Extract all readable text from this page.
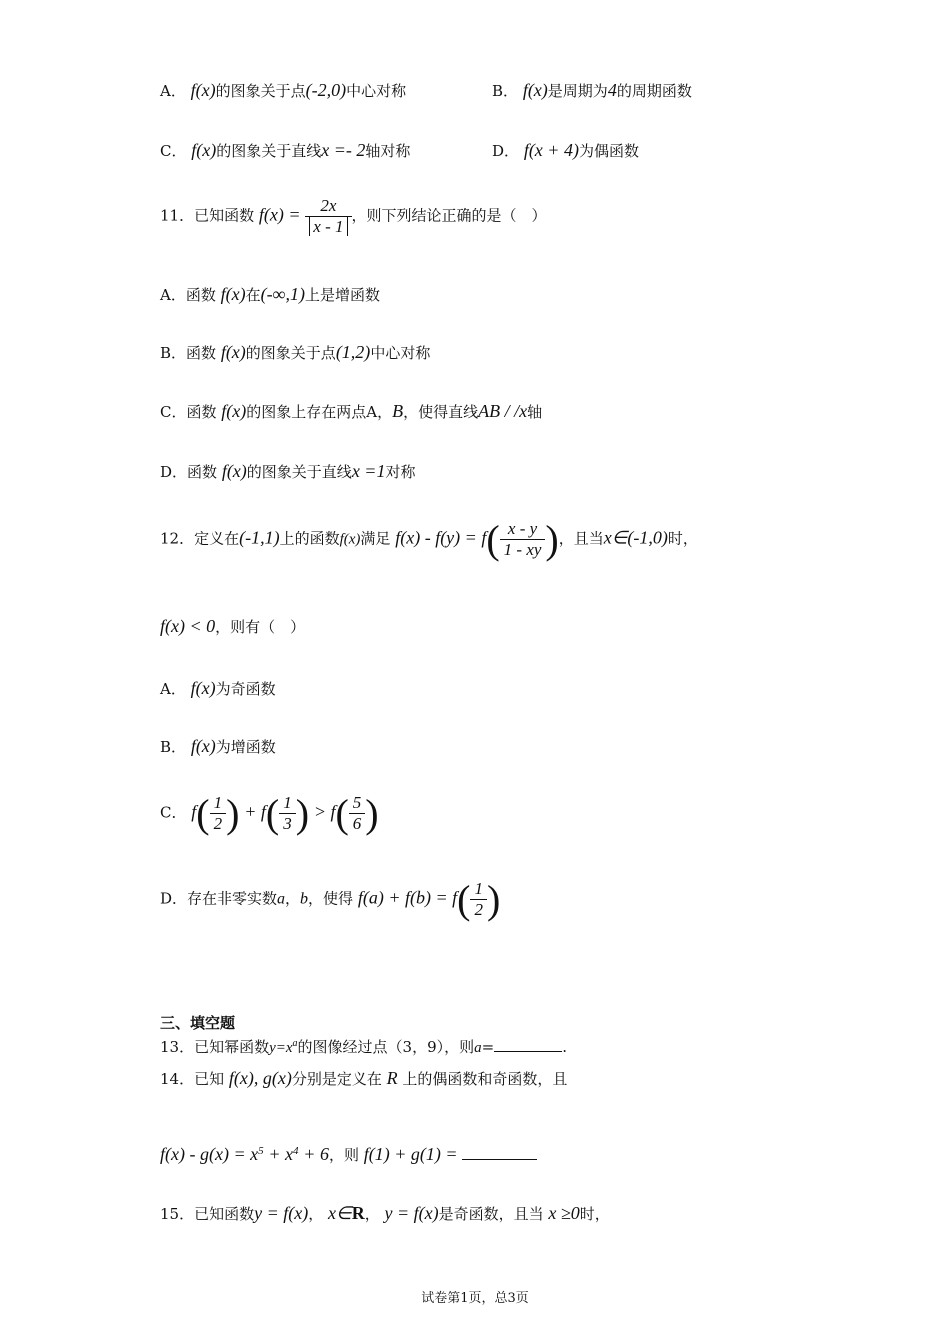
A． f(x)的图象关于点(-2,0)中心对称	B． f(x)是周期为4的周期函数
C． f(x)的图象关于直线x =- 2轴对称	D． f(x + 4)为偶函数
11．已知函数 $f(x) = \frac{2x}{x - 1}$ ，则下列结论正确的是（　）
A．函数 f(x)在(-∞,1)上是增函数
B．函数 f(x)的图象关于点(1,2)中心对称
C．函数 f(x)的图象上存在两点A，B，使得直线AB / /x轴
D．函数 f(x)的图象关于直线x =1对称
12．定义在(-1,1)上的函数f(x)满足 $f(x) - f(y) = f( \frac{x - y}{1 - xy}$ )，且当x∈(-1,0)时，
f(x) < 0，则有（　）
A． f(x)为奇函数
B． f(x)为增函数
C． $f( \frac{1}{2}$ ) + $f( \frac{1}{3}$ ) > $f( \frac{5}{6}$ )
D．存在非零实数a，b，使得 $f(a) + f(b) = f( \frac{1}{2}$ )
三、填空题
13．已知幂函数$y=x^a$的图像经过点（3，9），则a=	.
14．已知 f(x), g(x)分别是定义在 R 上的偶函数和奇函数，且
$f(x) - g(x) = x^5 + x^4 + 6$，则 f(1) + g(1) =
15．已知函数y = f(x)， x∈R， y = f(x)是奇函数，且当 x ≥0时，
试卷第1页，总3页
